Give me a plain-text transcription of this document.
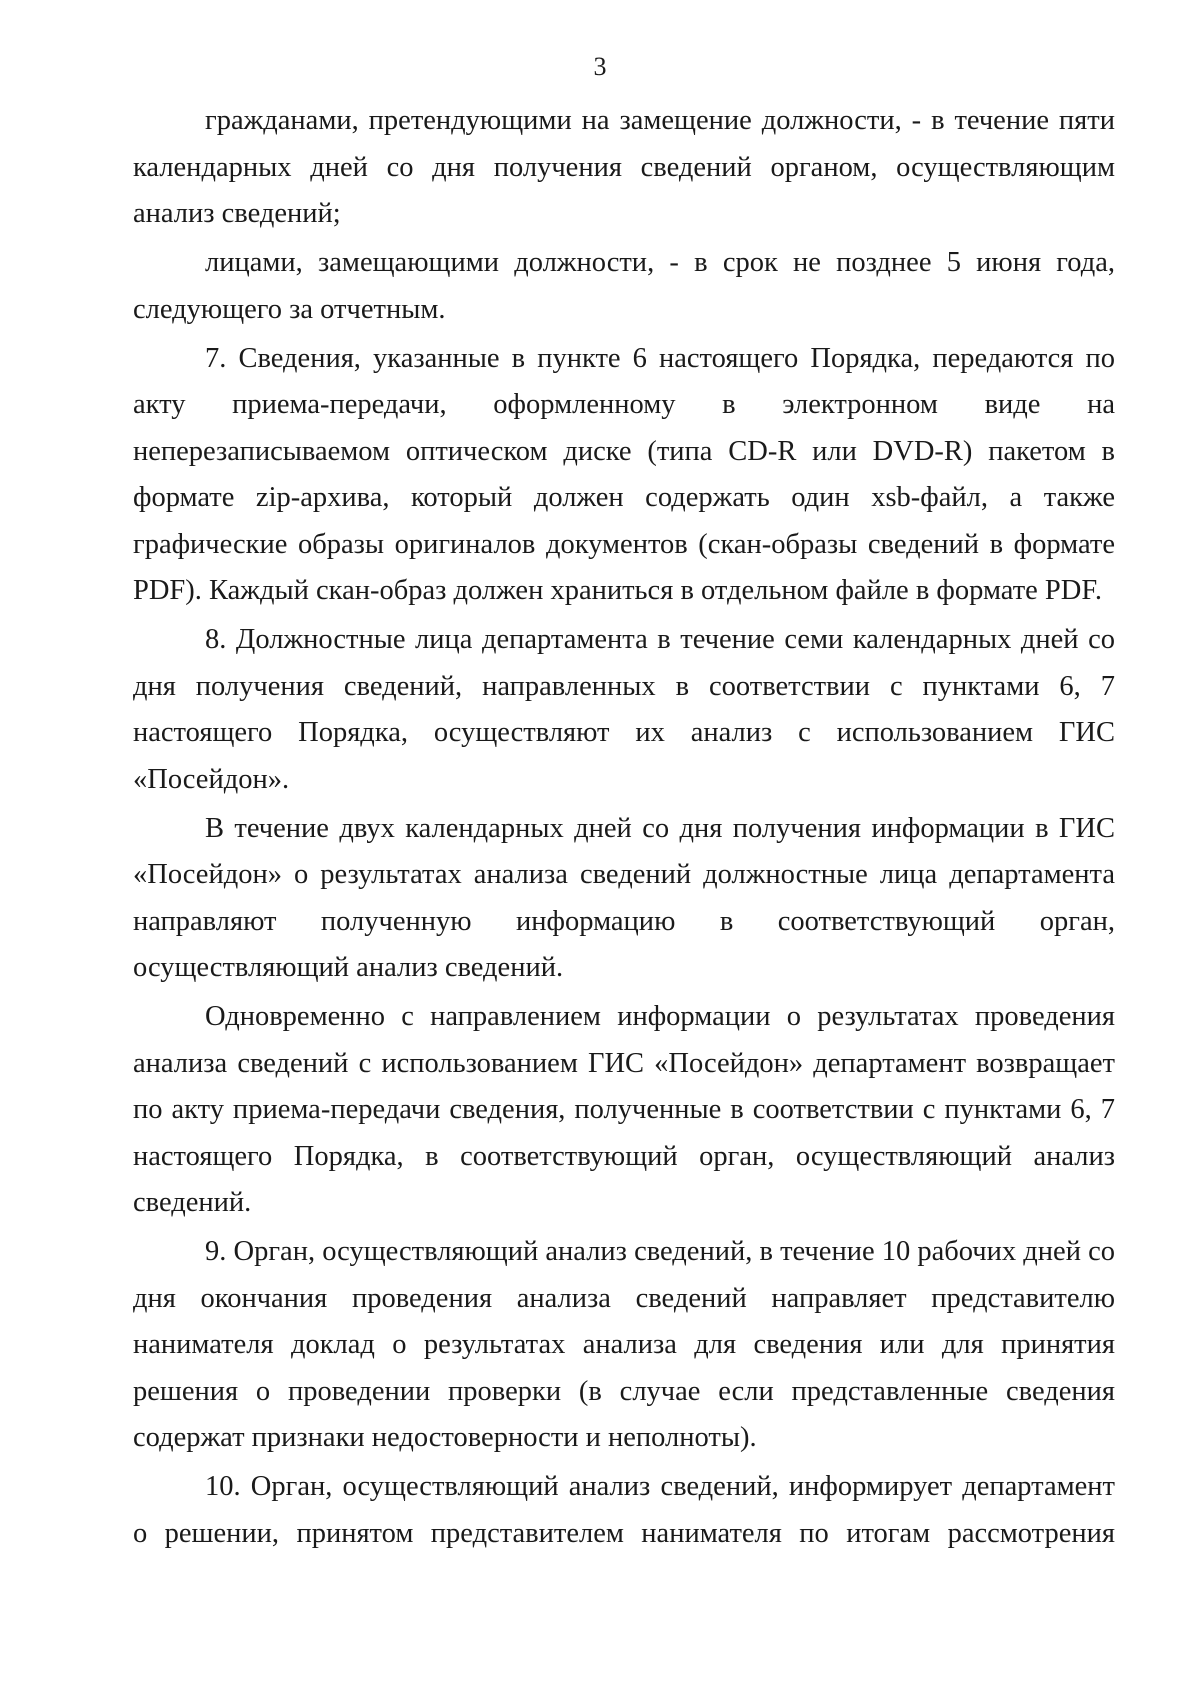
3

гражданами, претендующими на замещение должности, - в течение пяти календарных дней со дня получения сведений органом, осуществляющим анализ сведений;

лицами, замещающими должности, - в срок не позднее 5 июня года, следующего за отчетным.

7. Сведения, указанные в пункте 6 настоящего Порядка, передаются по акту приема-передачи, оформленному в электронном виде на неперезаписываемом оптическом диске (типа CD-R или DVD-R) пакетом в формате zip-архива, который должен содержать один xsb-файл, а также графические образы оригиналов документов (скан-образы сведений в формате PDF). Каждый скан-образ должен храниться в отдельном файле в формате PDF.

8. Должностные лица департамента в течение семи календарных дней со дня получения сведений, направленных в соответствии с пунктами 6, 7 настоящего Порядка, осуществляют их анализ с использованием ГИС «Посейдон».

В течение двух календарных дней со дня получения информации в ГИС «Посейдон» о результатах анализа сведений должностные лица департамента направляют полученную информацию в соответствующий орган, осуществляющий анализ сведений.

Одновременно с направлением информации о результатах проведения анализа сведений с использованием ГИС «Посейдон» департамент возвращает по акту приема-передачи сведения, полученные в соответствии с пунктами 6, 7 настоящего Порядка, в соответствующий орган, осуществляющий анализ сведений.

9. Орган, осуществляющий анализ сведений, в течение 10 рабочих дней со дня окончания проведения анализа сведений направляет представителю нанимателя доклад о результатах анализа для сведения или для принятия решения о проведении проверки (в случае если представленные сведения содержат признаки недостоверности и неполноты).

10. Орган, осуществляющий анализ сведений, информирует департамент о решении, принятом представителем нанимателя по итогам рассмотрения
